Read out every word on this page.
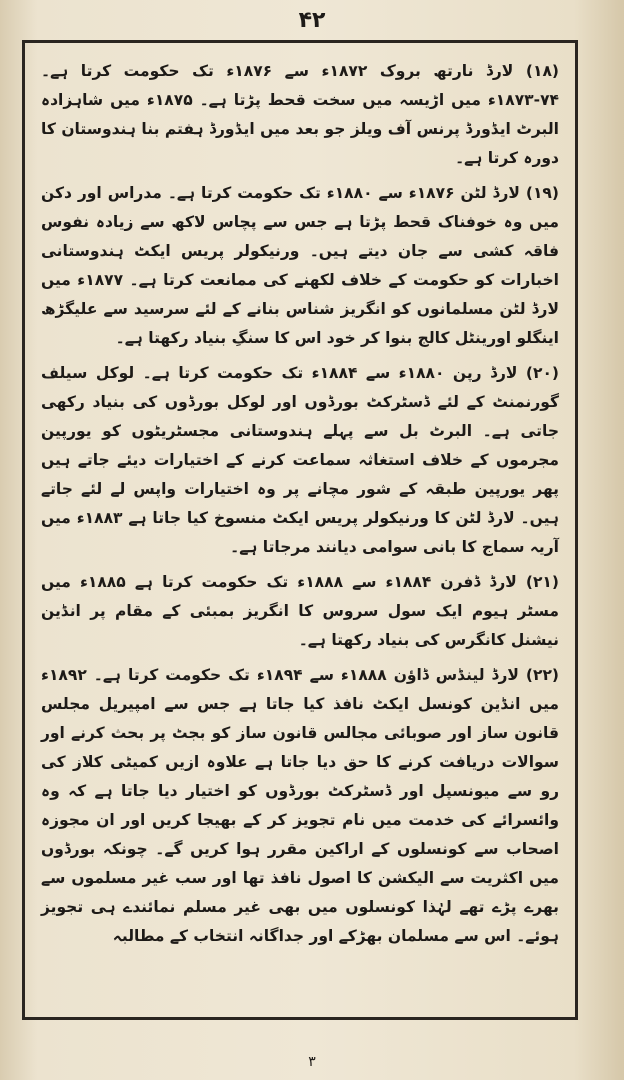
۴۲

(۱۸) لارڈ نارتھ بروک ۱۸۷۲ء سے ۱۸۷۶ء تک حکومت کرتا ہے۔ ۷۴-۱۸۷۳ء میں اڑیسہ میں سخت قحط پڑتا ہے۔ ۱۸۷۵ء میں شاہزادہ البرٹ ایڈورڈ پرنس آف ویلز جو بعد میں ایڈورڈ ہفتم بنا ہندوستان کا دورہ کرتا ہے۔

(۱۹) لارڈ لٹن ۱۸۷۶ء سے ۱۸۸۰ء تک حکومت کرتا ہے۔ مدراس اور دکن میں وہ خوفناک قحط پڑتا ہے جس سے پچاس لاکھ سے زیادہ نفوس فاقہ کشی سے جان دیتے ہیں۔ ورنیکولر پریس ایکٹ ہندوستانی اخبارات کو حکومت کے خلاف لکھنے کی ممانعت کرتا ہے۔ ۱۸۷۷ء میں لارڈ لٹن مسلمانوں کو انگریز شناس بنانے کے لئے سرسید سے علیگڑھ اینگلو اورینٹل کالج بنوا کر خود اس کا سنگِ بنیاد رکھتا ہے۔

(۲۰) لارڈ رپن ۱۸۸۰ء سے ۱۸۸۴ء تک حکومت کرتا ہے۔ لوکل سیلف گورنمنٹ کے لئے ڈسٹرکٹ بورڈوں اور لوکل بورڈوں کی بنیاد رکھی جاتی ہے۔ البرٹ بل سے پہلے ہندوستانی مجسٹریٹوں کو یورپین مجرموں کے خلاف استغاثہ سماعت کرنے کے اختیارات دیئے جاتے ہیں پھر یورپین طبقہ کے شور مچانے پر وہ اختیارات واپس لے لئے جاتے ہیں۔ لارڈ لٹن کا ورنیکولر پریس ایکٹ منسوخ کیا جاتا ہے ۱۸۸۳ء میں آریہ سماج کا بانی سوامی دیانند مرجاتا ہے۔

(۲۱) لارڈ ڈفرن ۱۸۸۴ء سے ۱۸۸۸ء تک حکومت کرتا ہے ۱۸۸۵ء میں مسٹر ہیوم ایک سول سروس کا انگریز بمبئی کے مقام پر انڈین نیشنل کانگرس کی بنیاد رکھتا ہے۔

(۲۲) لارڈ لینڈس ڈاؤن ۱۸۸۸ء سے ۱۸۹۴ء تک حکومت کرتا ہے۔ ۱۸۹۲ء میں انڈین کونسل ایکٹ نافذ کیا جاتا ہے جس سے امپیریل مجلس قانون ساز اور صوبائی مجالس قانون ساز کو بجٹ پر بحث کرنے اور سوالات دریافت کرنے کا حق دیا جاتا ہے علاوہ ازیں کمیٹی کلاز کی رو سے میونسپل اور ڈسٹرکٹ بورڈوں کو اختیار دیا جاتا ہے کہ وہ وائسرائے کی خدمت میں نام تجویز کر کے بھیجا کریں اور ان مجوزہ اصحاب سے کونسلوں کے اراکین مقرر ہوا کریں گے۔ چونکہ بورڈوں میں اکثریت سے الیکشن کا اصول نافذ تھا اور سب غیر مسلموں سے بھرے پڑے تھے لہٰذا کونسلوں میں بھی غیر مسلم نمائندے ہی تجویز ہوئے۔ اس سے مسلمان بھڑکے اور جداگانہ انتخاب کے مطالبہ

٣
